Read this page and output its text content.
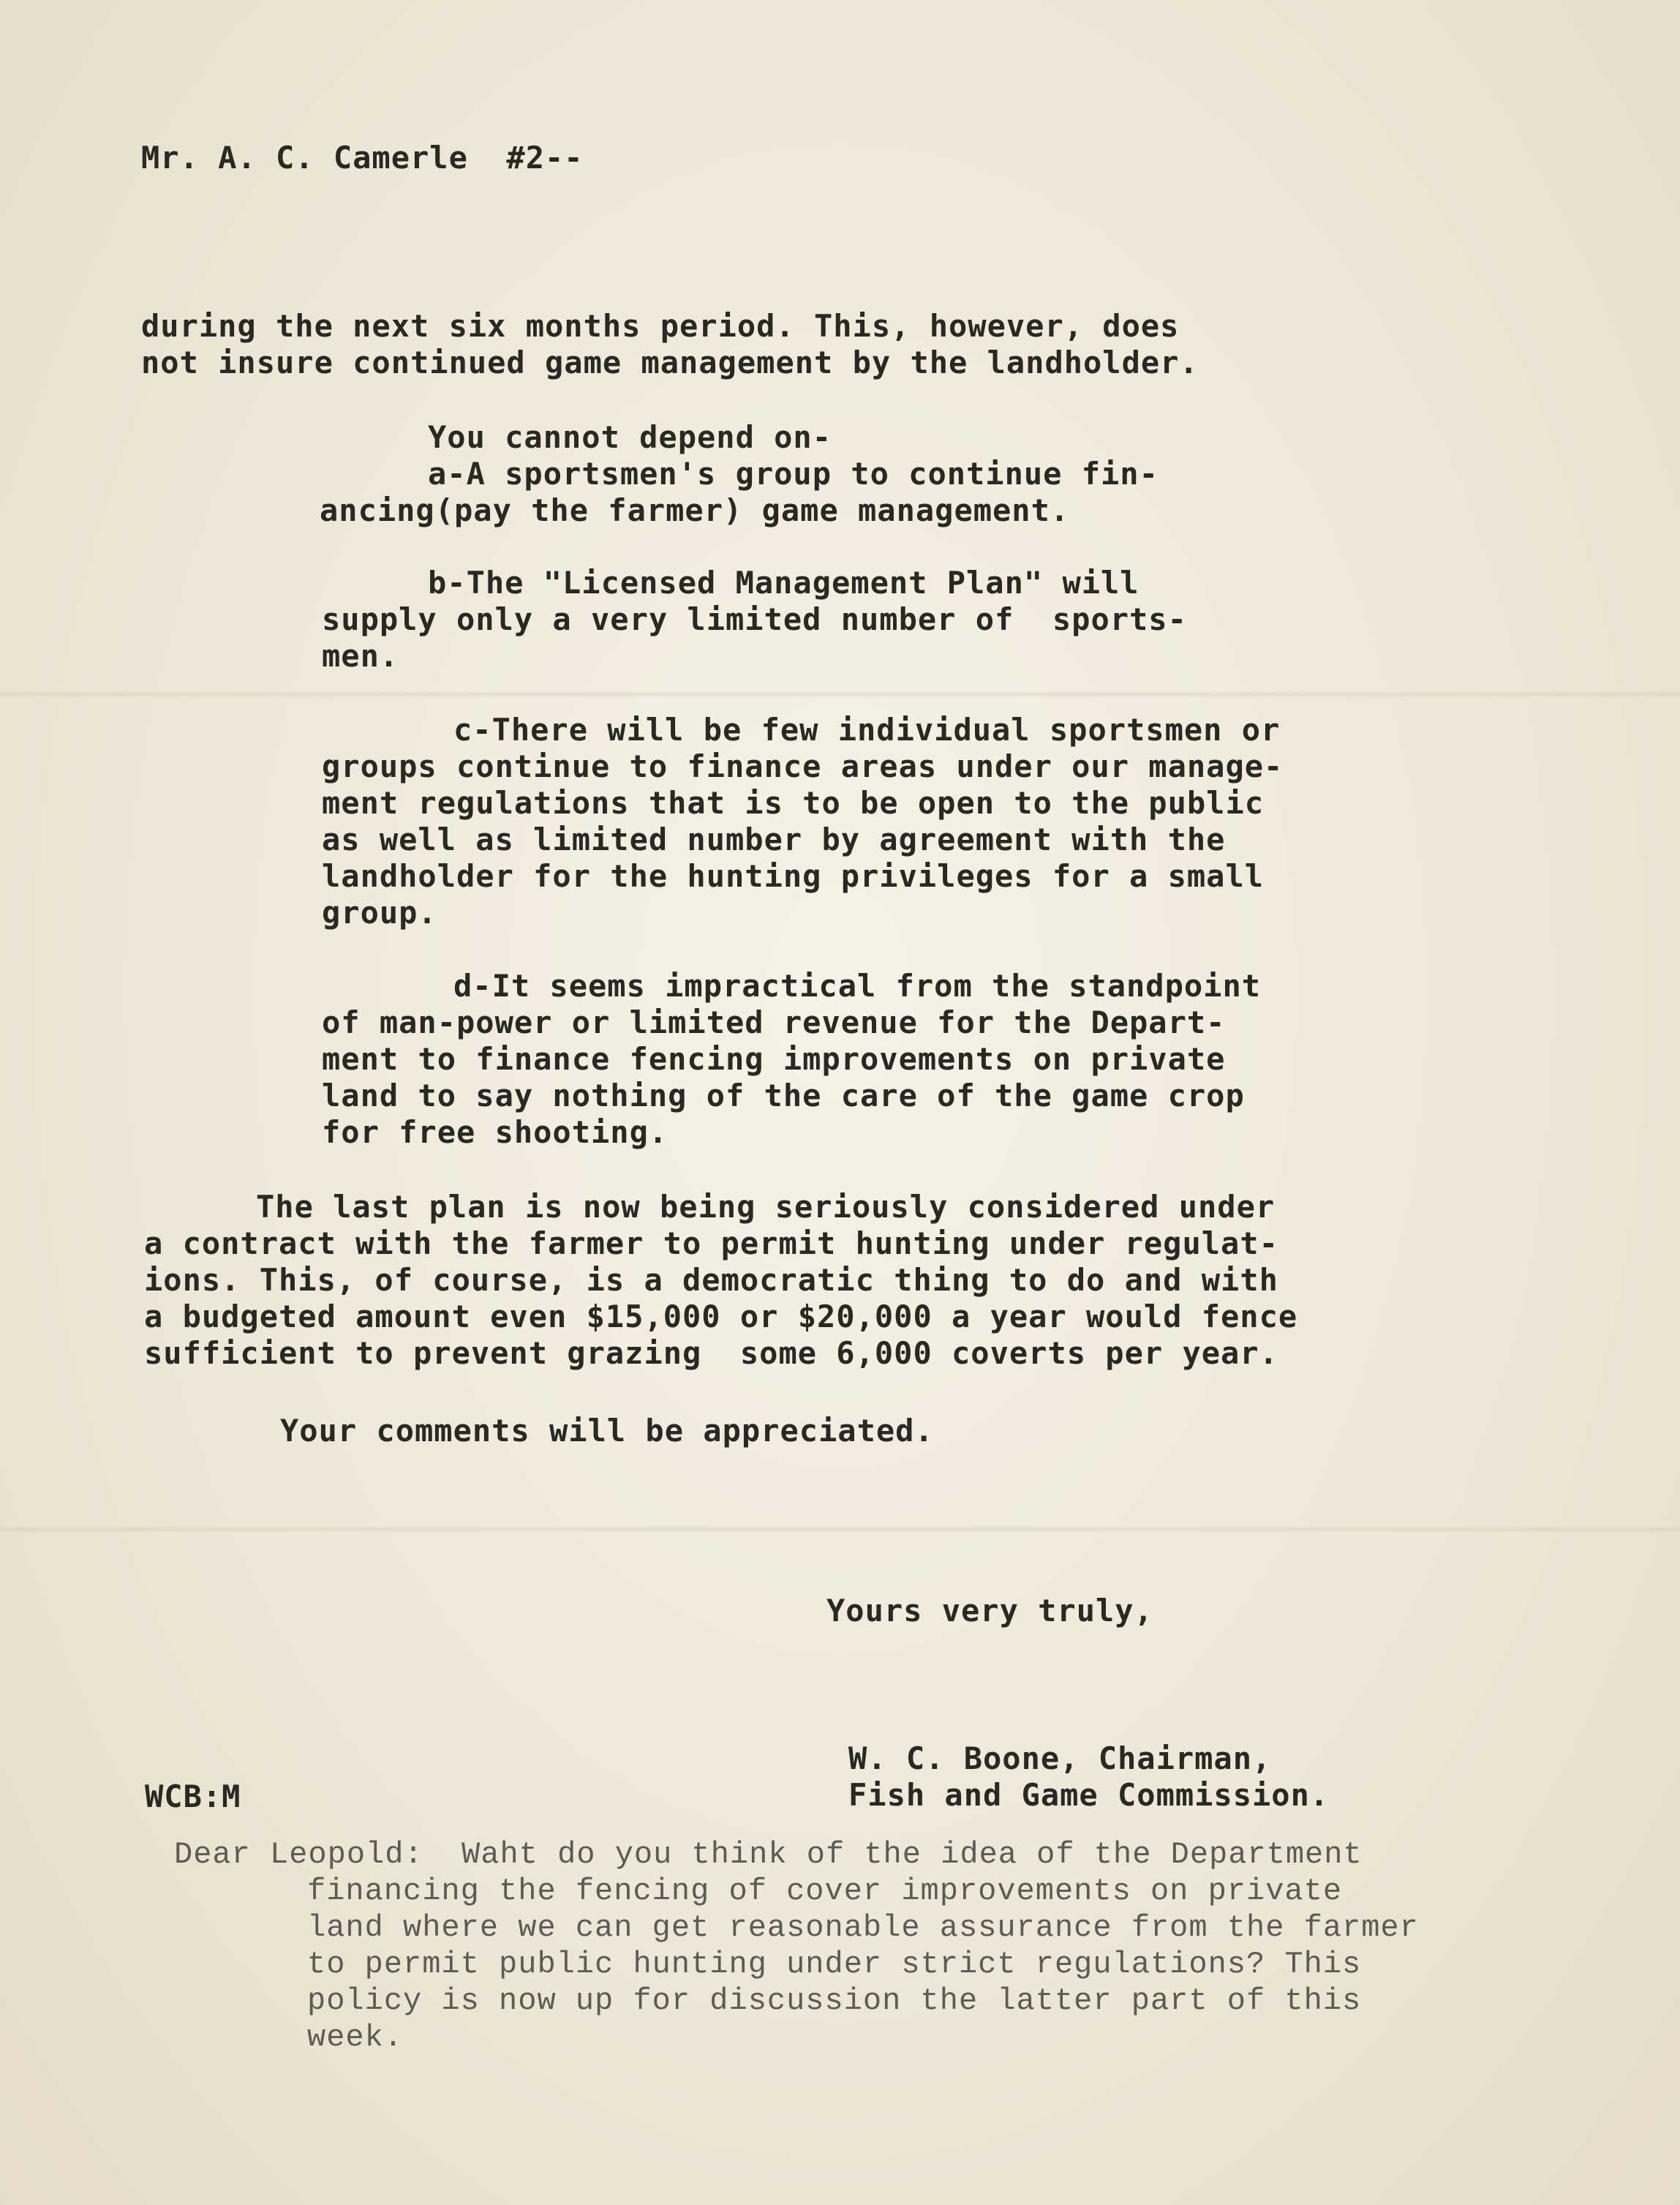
Mr. A. C. Camerle  #2--

during the next six months period. This, however, does

not insure continued game management by the landholder.

You cannot depend on-

a-A sportsmen's group to continue fin-

ancing(pay the farmer) game management.

b-The "Licensed Management Plan" will

supply only a very limited number of  sports-

men.

c-There will be few individual sportsmen or

groups continue to finance areas under our manage-

ment regulations that is to be open to the public

as well as limited number by agreement with the

landholder for the hunting privileges for a small

group.

d-It seems impractical from the standpoint

of man-power or limited revenue for the Depart-

ment to finance fencing improvements on private

land to say nothing of the care of the game crop

for free shooting.

The last plan is now being seriously considered under

a contract with the farmer to permit hunting under regulat-

ions. This, of course, is a democratic thing to do and with

a budgeted amount even $15,000 or $20,000 a year would fence

sufficient to prevent grazing  some 6,000 coverts per year.

Your comments will be appreciated.

Yours very truly,

W. C. Boone, Chairman,

Fish and Game Commission.

WCB:M

Dear Leopold:  Waht do you think of the idea of the Department

financing the fencing of cover improvements on private

land where we can get reasonable assurance from the farmer

to permit public hunting under strict regulations? This

policy is now up for discussion the latter part of this

week.
